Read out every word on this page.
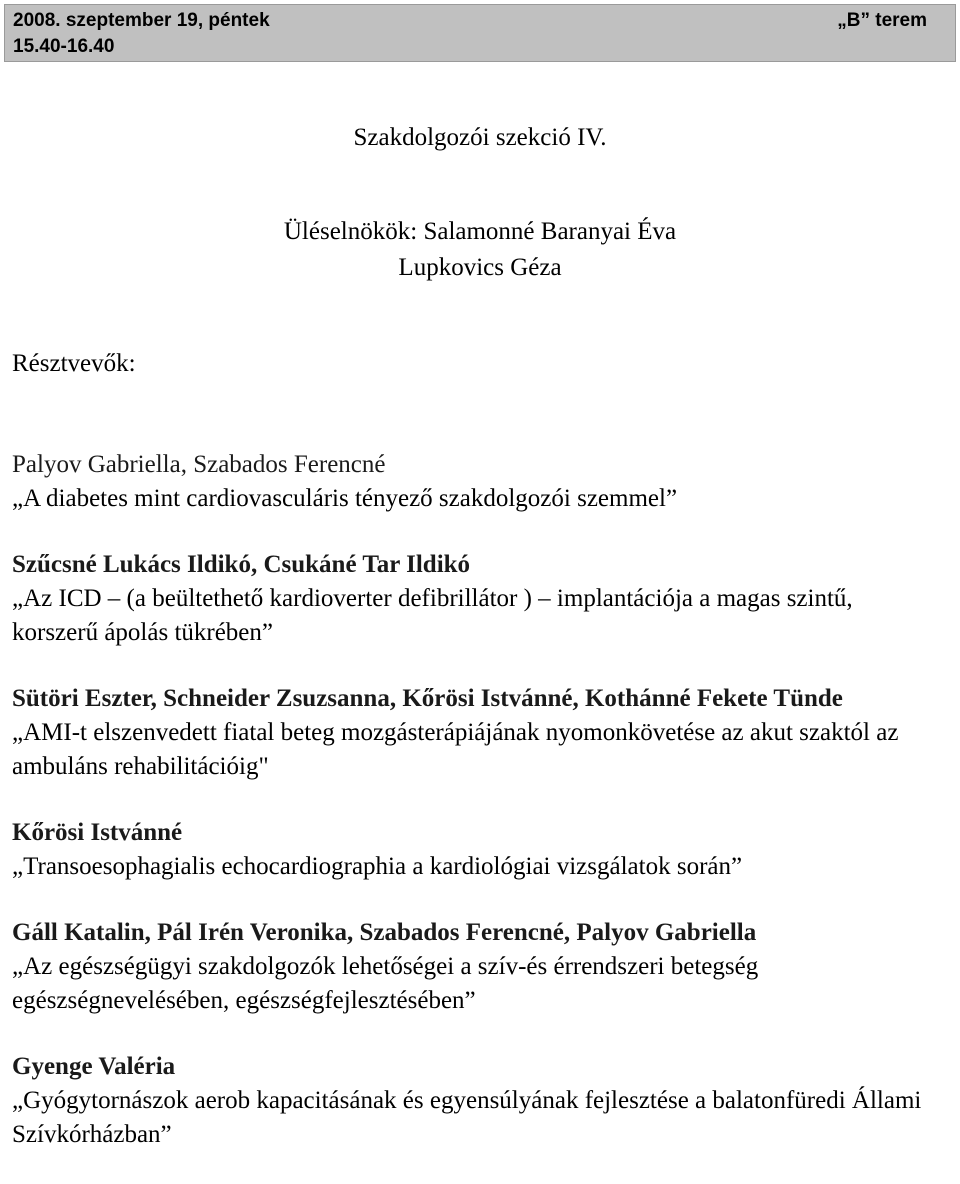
2008. szeptember 19, péntek	„B” terem
15.40-16.40
Szakdolgozói szekció IV.
Üléselnökök: Salamonné Baranyai Éva
Lupkovics Géza
Résztvevők:
Palyov Gabriella, Szabados Ferencné
„A diabetes mint cardiovasculáris tényező szakdolgozói szemmel”
Szűcsné Lukács Ildikó, Csukáné Tar Ildikó
„Az ICD – (a beültethető kardioverter defibrillátor ) – implantációja a magas szintű, korszerű ápolás tükrében”
Sütöri Eszter, Schneider Zsuzsanna, Kőrösi Istvánné, Kothánné Fekete Tünde
„AMI-t elszenvedett fiatal beteg mozgásterápiájának nyomonkövetése az akut szaktól az ambuláns rehabilitációig"
Kőrösi Istvánné
„Transoesophagialis echocardiographia a kardiológiai vizsgálatok során”
Gáll Katalin, Pál Irén Veronika, Szabados Ferencné, Palyov Gabriella
„Az egészségügyi szakdolgozók lehetőségei a szív-és érrendszeri betegség egészségnevelésében, egészségfejlesztésében”
Gyenge Valéria
„Gyógytornászok aerob kapacitásának és egyensúlyának fejlesztése a balatonfüredi Állami Szívkórházban”
